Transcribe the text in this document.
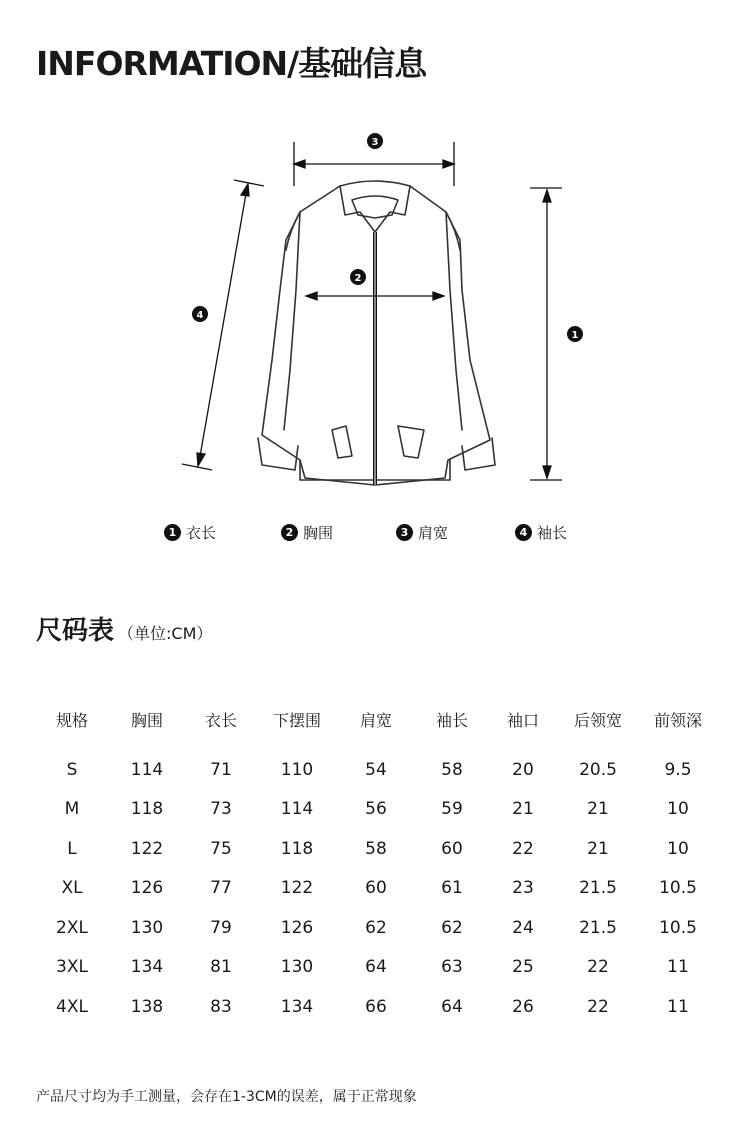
INFORMATION/基础信息
3
2
1
4
1 衣长	2 胸围	3 肩宽	4 袖长
尺码表 （单位:CM）
规格	胸围	衣长	下摆围	肩宽	袖长	袖口	后领宽	前领深
S	114	71	110	54	58	20	20.5	9.5
M	118	73	114	56	59	21	21	10
L	122	75	118	58	60	22	21	10
XL	126	77	122	60	61	23	21.5	10.5
2XL	130	79	126	62	62	24	21.5	10.5
3XL	134	81	130	64	63	25	22	11
4XL	138	83	134	66	64	26	22	11
产品尺寸均为手工测量，会存在1-3CM的误差，属于正常现象
